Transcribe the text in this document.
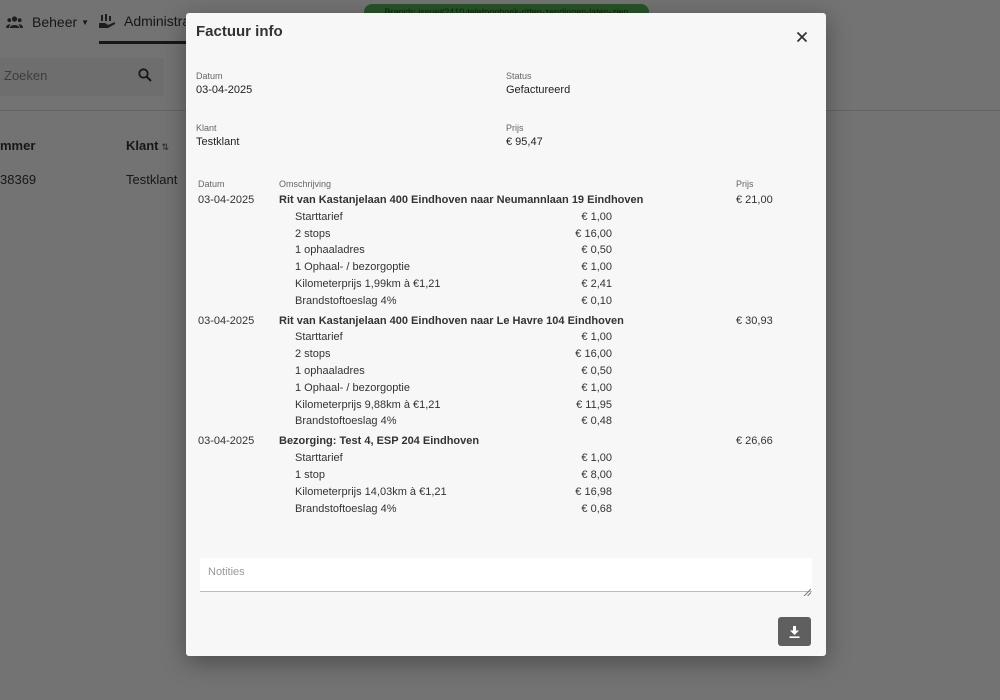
Zoeken
Factuur info
Datum
03-04-2025
Status
Gefactureerd
Klant
Testklant
Prijs
€ 95,47
Datum	Omschrijving	Prijs
03-04-2025 Rit van Kastanjelaan 400 Eindhoven naar Neumannlaan 19 Eindhoven	€ 21,00
Starttarief	€ 1,00
2 stops	€ 16,00
1 ophaaladres	€ 0,50
1 Ophaal- / bezorgoptie	€ 1,00
Kilometerprijs 1,99km à €1,21	€ 2,41
Brandstoftoeslag 4%	€ 0,10
03-04-2025 Rit van Kastanjelaan 400 Eindhoven naar Le Havre 104 Eindhoven	€ 30,93
Starttarief	€ 1,00
2 stops	€ 16,00
1 ophaaladres	€ 0,50
1 Ophaal- / bezorgoptie	€ 1,00
Kilometerprijs 9,88km à €1,21	€ 11,95
Brandstoftoeslag 4%	€ 0,48
03-04-2025 Bezorging: Test 4, ESP 204 Eindhoven	€ 26,66
Starttarief	€ 1,00
1 stop	€ 8,00
Kilometerprijs 14,03km à €1,21	€ 16,98
Brandstoftoeslag 4%	€ 0,68
Notities
